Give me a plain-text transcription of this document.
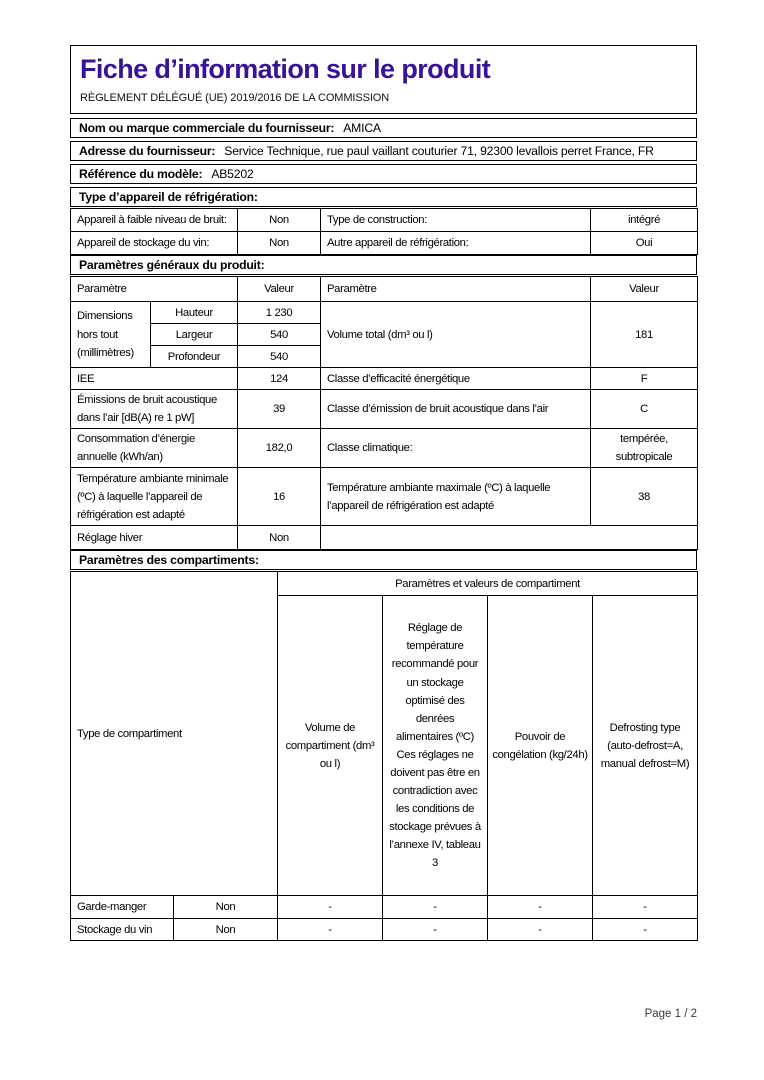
Fiche d’information sur le produit
RÈGLEMENT DÉLÉGUÉ (UE) 2019/2016 DE LA COMMISSION
Nom ou marque commerciale du fournisseur: AMICA
Adresse du fournisseur: Service Technique, rue paul vaillant couturier 71, 92300 levallois perret France, FR
Référence du modèle: AB5202
Type d’appareil de réfrigération:
Appareil à faible niveau de bruit:	Non	Type de construction:	intégré
Appareil de stockage du vin:	Non	Autre appareil de réfrigération:	Oui
Paramètres généraux du produit:
Paramètre		Valeur	Paramètre	Valeur
Dimensions hors tout (millimètres)	Hauteur	1 230	Volume total (dm³ ou l)	181
	Largeur	540		
	Profondeur	540		
IEE		124	Classe d’efficacité énergétique	F
Émissions de bruit acoustique dans l’air [dB(A) re 1 pW]		39	Classe d’émission de bruit acoustique dans l’air	C
Consommation d’énergie annuelle (kWh/an)		182,0	Classe climatique:	tempérée, subtropicale
Température ambiante minimale (ºC) à laquelle l’appareil de réfrigération est adapté		16	Température ambiante maximale (ºC) à laquelle l’appareil de réfrigération est adapté	38
Réglage hiver		Non		
Paramètres des compartiments:
Type de compartiment		Paramètres et valeurs de compartiment			
		Volume de compartiment (dm³ ou l)	Réglage de température recommandé pour un stockage optimisé des denrées alimentaires (ºC) Ces réglages ne doivent pas être en contradiction avec les conditions de stockage prévues à l’annexe IV, tableau 3	Pouvoir de congélation (kg/24h)	Defrosting type (auto-defrost=A, manual defrost=M)
Garde-manger	Non	-	-	-	-
Stockage du vin	Non	-	-	-	-
Page 1 / 2
